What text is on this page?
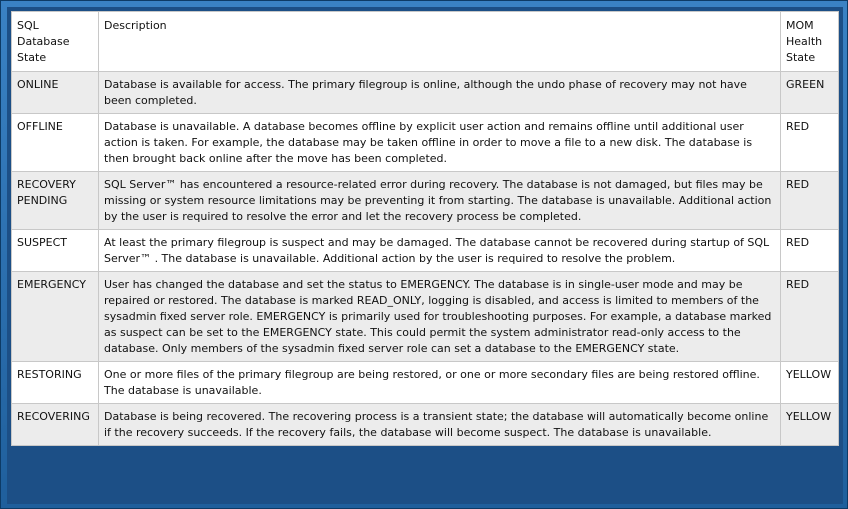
SQL Database State	Description	MOM Health State
ONLINE	Database is available for access. The primary filegroup is online, although the undo phase of recovery may not have been completed.	GREEN
OFFLINE	Database is unavailable. A database becomes offline by explicit user action and remains offline until additional user action is taken. For example, the database may be taken offline in order to move a file to a new disk. The database is then brought back online after the move has been completed.	RED
RECOVERY PENDING	SQL Server™ has encountered a resource-related error during recovery. The database is not damaged, but files may be missing or system resource limitations may be preventing it from starting. The database is unavailable. Additional action by the user is required to resolve the error and let the recovery process be completed.	RED
SUSPECT	At least the primary filegroup is suspect and may be damaged. The database cannot be recovered during startup of SQL Server™ . The database is unavailable. Additional action by the user is required to resolve the problem.	RED
EMERGENCY	User has changed the database and set the status to EMERGENCY. The database is in single-user mode and may be repaired or restored. The database is marked READ_ONLY, logging is disabled, and access is limited to members of the sysadmin fixed server role. EMERGENCY is primarily used for troubleshooting purposes. For example, a database marked as suspect can be set to the EMERGENCY state. This could permit the system administrator read-only access to the database. Only members of the sysadmin fixed server role can set a database to the EMERGENCY state.	RED
RESTORING	One or more files of the primary filegroup are being restored, or one or more secondary files are being restored offline. The database is unavailable.	YELLOW
RECOVERING	Database is being recovered. The recovering process is a transient state; the database will automatically become online if the recovery succeeds. If the recovery fails, the database will become suspect. The database is unavailable.	YELLOW
